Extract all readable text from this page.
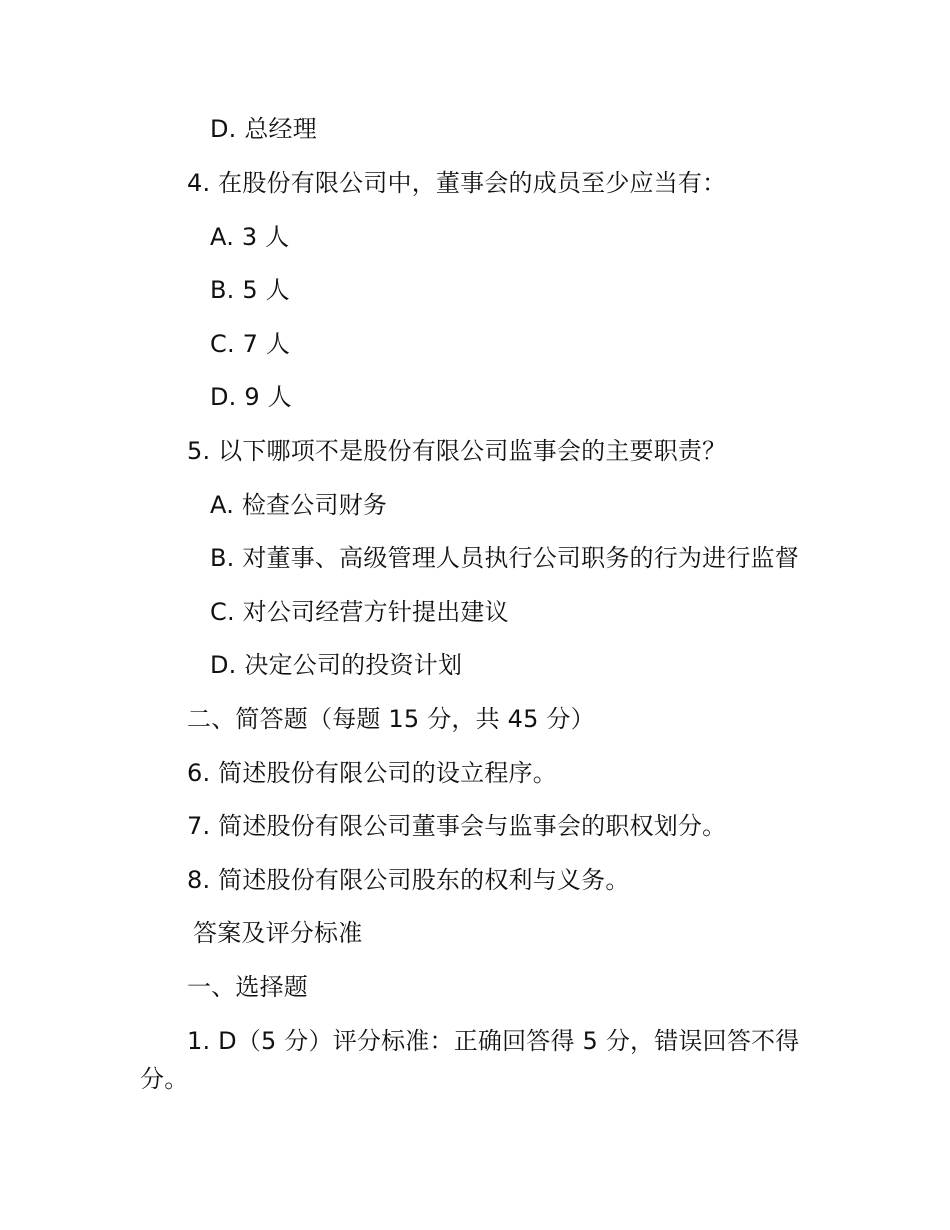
D. 总经理
4. 在股份有限公司中，董事会的成员至少应当有：
A. 3 人
B. 5 人
C. 7 人
D. 9 人
5. 以下哪项不是股份有限公司监事会的主要职责？
A. 检查公司财务
B. 对董事、高级管理人员执行公司职务的行为进行监督
C. 对公司经营方针提出建议
D. 决定公司的投资计划
二、简答题（每题 15 分，共 45 分）
6. 简述股份有限公司的设立程序。
7. 简述股份有限公司董事会与监事会的职权划分。
8. 简述股份有限公司股东的权利与义务。
答案及评分标准
一、选择题
1. D（5 分）评分标准：正确回答得 5 分，错误回答不得
分。
